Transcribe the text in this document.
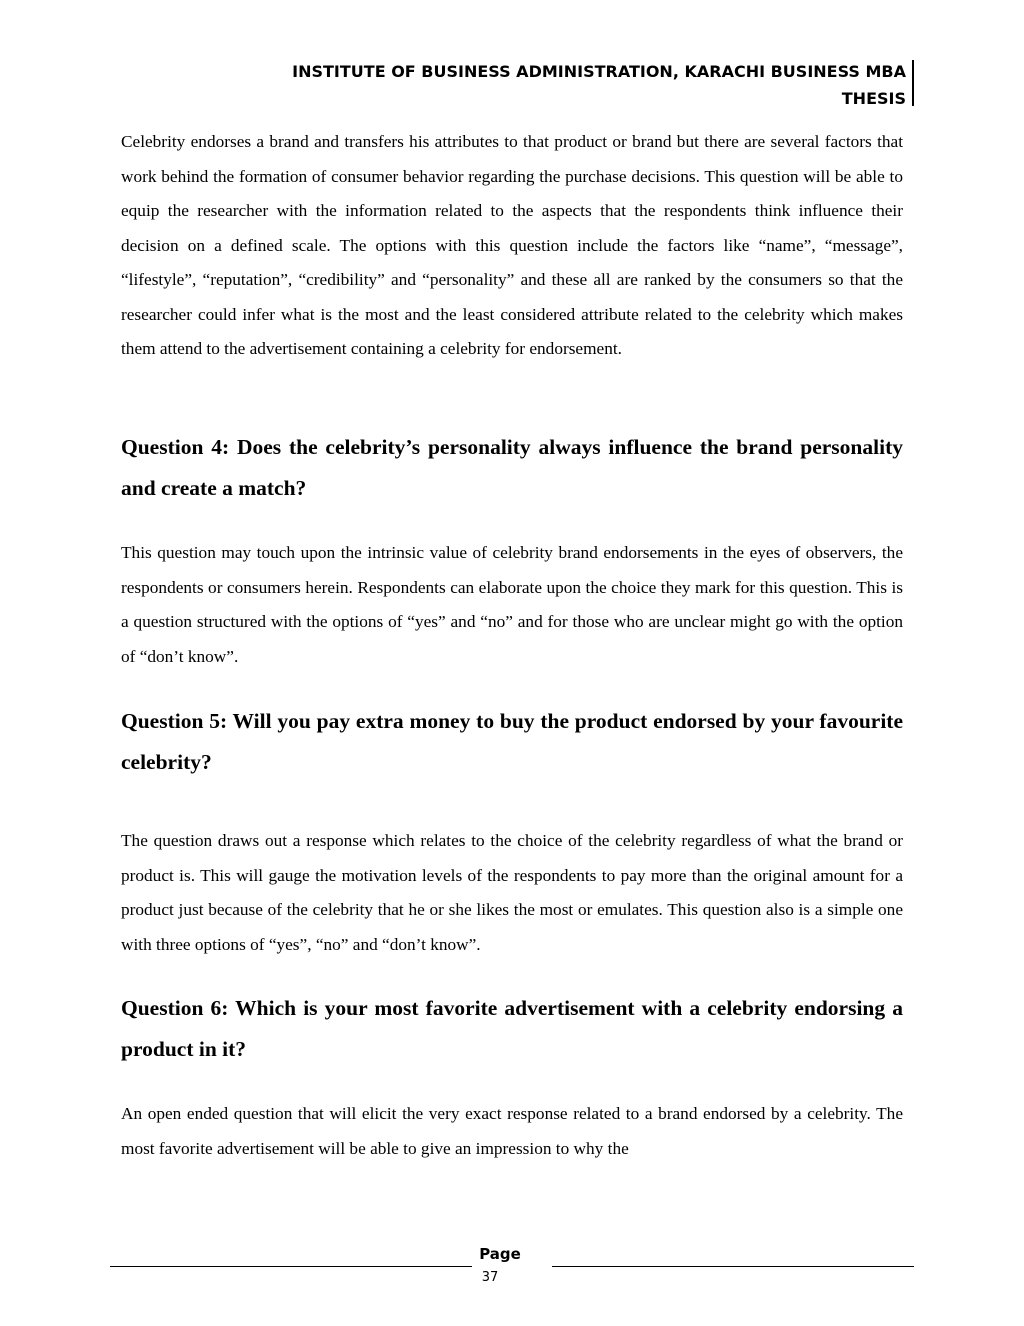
INSTITUTE OF BUSINESS ADMINISTRATION, KARACHI BUSINESS MBA
THESIS

Celebrity endorses a brand and transfers his attributes to that product or brand but there are several factors that work behind the formation of consumer behavior regarding the purchase decisions. This question will be able to equip the researcher with the information related to the aspects that the respondents think influence their decision on a defined scale. The options with this question include the factors like “name”, “message”, “lifestyle”, “reputation”, “credibility” and “personality” and these all are ranked by the consumers so that the researcher could infer what is the most and the least considered attribute related to the celebrity which makes them attend to the advertisement containing a celebrity for endorsement.

Question 4: Does the celebrity’s personality always influence the brand personality and create a match?

This question may touch upon the intrinsic value of celebrity brand endorsements in the eyes of observers, the respondents or consumers herein. Respondents can elaborate upon the choice they mark for this question. This is a question structured with the options of “yes” and “no” and for those who are unclear might go with the option of “don’t know”.

Question 5: Will you pay extra money to buy the product endorsed by your favourite celebrity?

The question draws out a response which relates to the choice of the celebrity regardless of what the brand or product is. This will gauge the motivation levels of the respondents to pay more than the original amount for a product just because of the celebrity that he or she likes the most or emulates. This question also is a simple one with three options of “yes”, “no” and “don’t know”.

Question 6: Which is your most favorite advertisement with a celebrity endorsing a product in it?

An open ended question that will elicit the very exact response related to a brand endorsed by a celebrity. The most favorite advertisement will be able to give an impression to why the

Page
37
